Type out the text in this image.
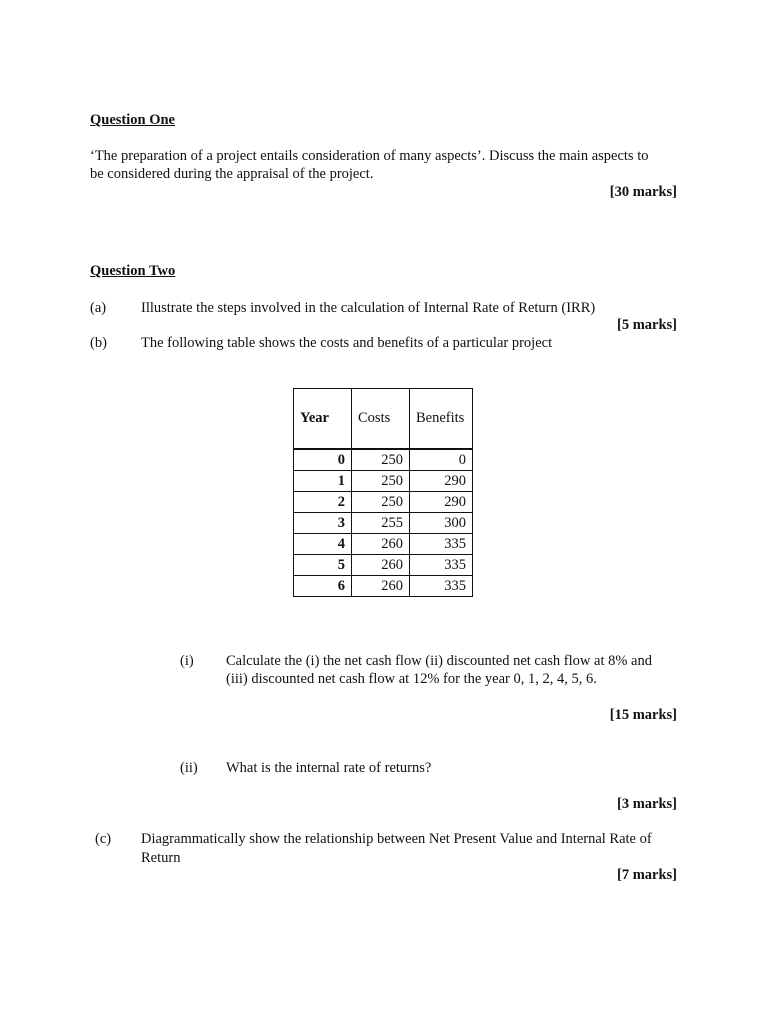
Question One
‘The preparation of a project entails consideration of many aspects’. Discuss the main aspects to
be considered during the appraisal of the project.
[30 marks]
Question Two
(a) Illustrate the steps involved in the calculation of Internal Rate of Return (IRR)
[5 marks]
(b) The following table shows the costs and benefits of a particular project
Year	Costs	Benefits

0	250	0
1	250	290
2	250	290
3	255	300
4	260	335
5	260	335
6	260	335
(i) Calculate the (i) the net cash flow (ii) discounted net cash flow at 8% and
(iii) discounted net cash flow at 12% for the year 0, 1, 2, 4, 5, 6.
[15 marks]
(ii) What is the internal rate of returns?
[3 marks]
(c) Diagrammatically show the relationship between Net Present Value and Internal Rate of
Return
[7 marks]
